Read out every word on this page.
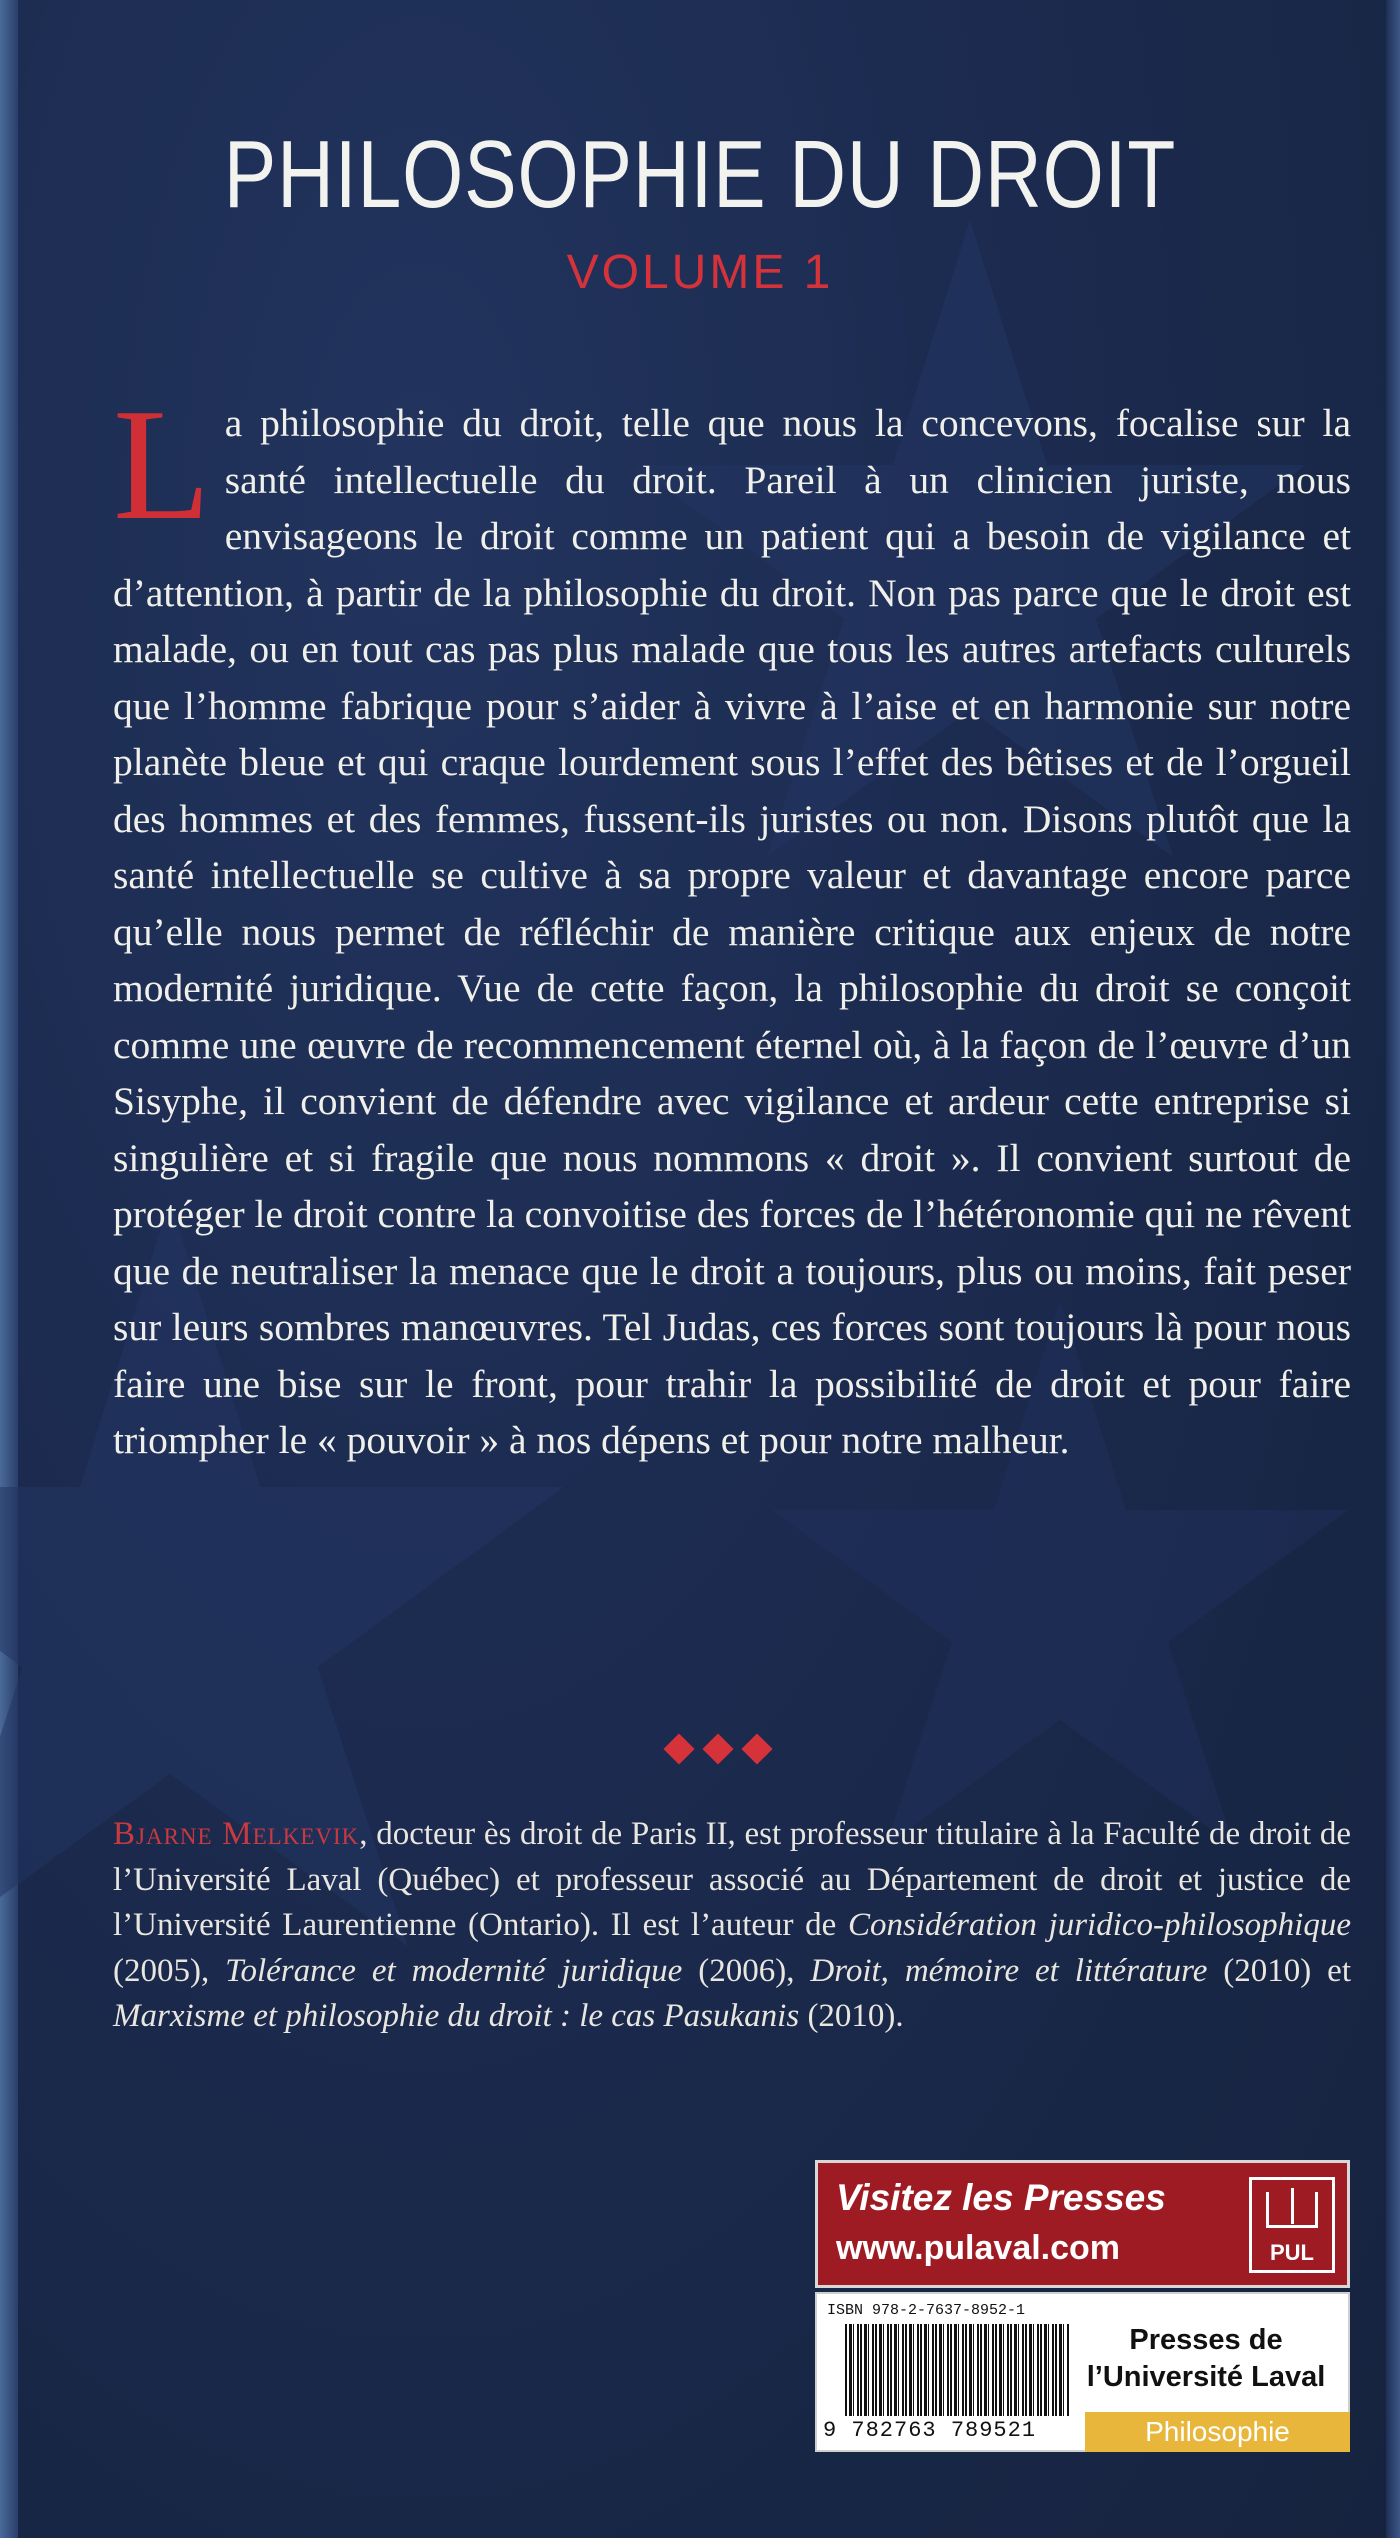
PHILOSOPHIE DU DROIT
VOLUME 1
La philosophie du droit, telle que nous la concevons, focalise sur la santé intellectuelle du droit. Pareil à un clinicien juriste, nous envisageons le droit comme un patient qui a besoin de vigilance et d’attention, à partir de la philosophie du droit. Non pas parce que le droit est malade, ou en tout cas pas plus malade que tous les autres artefacts culturels que l’homme fabrique pour s’aider à vivre à l’aise et en harmonie sur notre planète bleue et qui craque lourdement sous l’effet des bêtises et de l’orgueil des hommes et des femmes, fussent-ils juristes ou non. Disons plutôt que la santé intellectuelle se cultive à sa propre valeur et davantage encore parce qu’elle nous permet de réfléchir de manière critique aux enjeux de notre modernité juridique. Vue de cette façon, la philosophie du droit se conçoit comme une œuvre de recommencement éternel où, à la façon de l’œuvre d’un Sisyphe, il convient de défendre avec vigilance et ardeur cette entreprise si singulière et si fragile que nous nommons « droit ». Il convient surtout de protéger le droit contre la convoitise des forces de l’hétéronomie qui ne rêvent que de neutraliser la menace que le droit a toujours, plus ou moins, fait peser sur leurs sombres manœuvres. Tel Judas, ces forces sont toujours là pour nous faire une bise sur le front, pour trahir la possibilité de droit et pour faire triompher le « pouvoir » à nos dépens et pour notre malheur.
Bjarne Melkevik, docteur ès droit de Paris II, est professeur titulaire à la Faculté de droit de l’Université Laval (Québec) et professeur associé au Département de droit et justice de l’Université Laurentienne (Ontario). Il est l’auteur de Considération juridico-philosophique (2005), Tolérance et modernité juridique (2006), Droit, mémoire et littérature (2010) et Marxisme et philosophie du droit : le cas Pasukanis (2010).
Visitez les Presses
www.pulaval.com	PUL
ISBN 978-2-7637-8952-1
9 782763 789521
Presses de
l’Université Laval
Philosophie
